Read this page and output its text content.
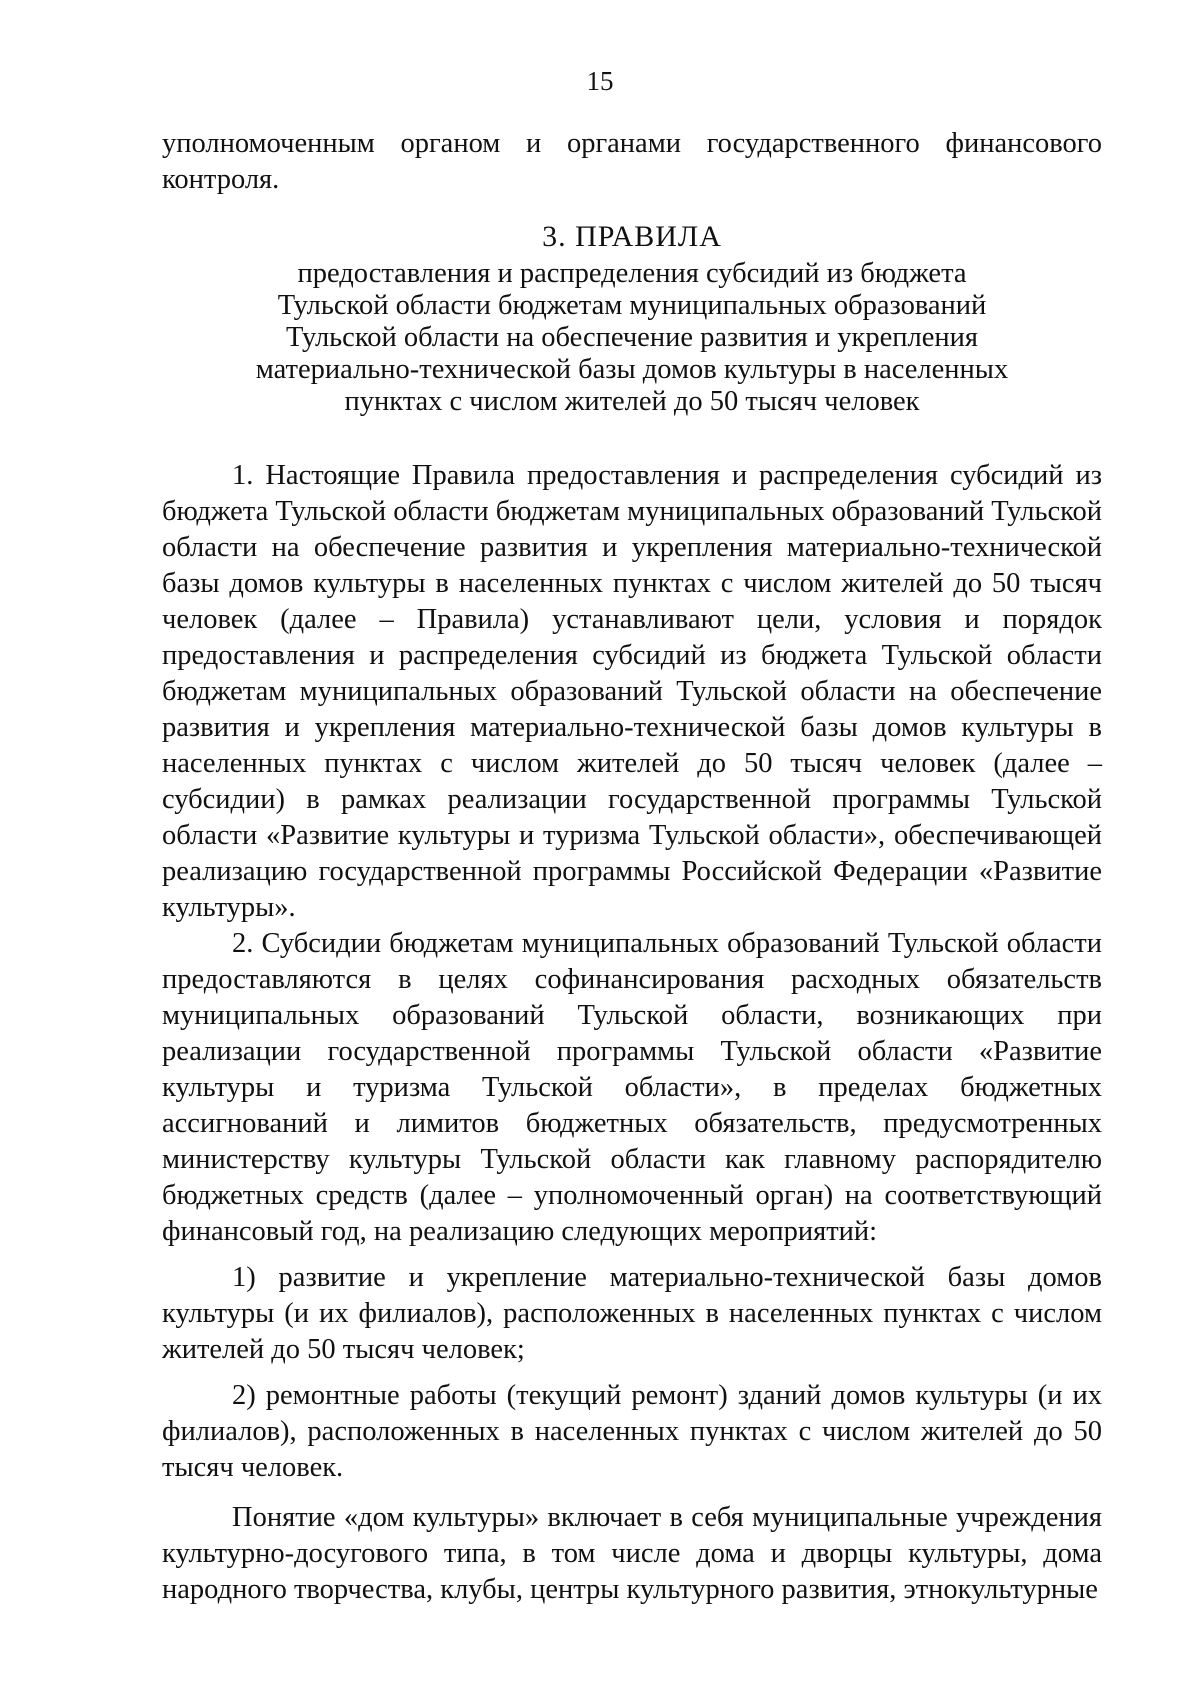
15

уполномоченным органом и органами государственного финансового контроля.

3. ПРАВИЛА
предоставления и распределения субсидий из бюджета
Тульской области бюджетам муниципальных образований
Тульской области на обеспечение развития и укрепления
материально-технической базы домов культуры в населенных
пунктах с числом жителей до 50 тысяч человек

1. Настоящие Правила предоставления и распределения субсидий из бюджета Тульской области бюджетам муниципальных образований Тульской области на обеспечение развития и укрепления материально-технической базы домов культуры в населенных пунктах с числом жителей до 50 тысяч человек (далее – Правила) устанавливают цели, условия и порядок предоставления и распределения субсидий из бюджета Тульской области бюджетам муниципальных образований Тульской области на обеспечение развития и укрепления материально-технической базы домов культуры в населенных пунктах с числом жителей до 50 тысяч человек (далее – субсидии) в рамках реализации государственной программы Тульской области «Развитие культуры и туризма Тульской области», обеспечивающей реализацию государственной программы Российской Федерации «Развитие культуры».

2. Субсидии бюджетам муниципальных образований Тульской области предоставляются в целях софинансирования расходных обязательств муниципальных образований Тульской области, возникающих при реализации государственной программы Тульской области «Развитие культуры и туризма Тульской области», в пределах бюджетных ассигнований и лимитов бюджетных обязательств, предусмотренных министерству культуры Тульской области как главному распорядителю бюджетных средств (далее – уполномоченный орган) на соответствующий финансовый год, на реализацию следующих мероприятий:

1) развитие и укрепление материально-технической базы домов культуры (и их филиалов), расположенных в населенных пунктах с числом жителей до 50 тысяч человек;

2) ремонтные работы (текущий ремонт) зданий домов культуры (и их филиалов), расположенных в населенных пунктах с числом жителей до 50 тысяч человек.

Понятие «дом культуры» включает в себя муниципальные учреждения культурно-досугового типа, в том числе дома и дворцы культуры, дома народного творчества, клубы, центры культурного развития, этнокультурные
